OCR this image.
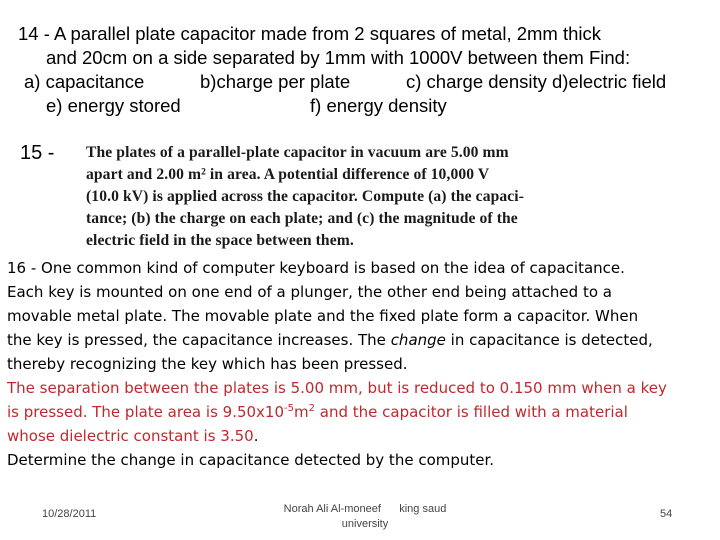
14 - A parallel plate capacitor made from 2 squares of metal, 2mm thick
and 20cm on a side separated by 1mm with 1000V between them Find:
a) capacitance	b)charge per plate	c) charge density d)electric field
e) energy stored	f) energy density
15 - The plates of a parallel-plate capacitor in vacuum are 5.00 mm
apart and 2.00 m² in area. A potential difference of 10,000 V
(10.0 kV) is applied across the capacitor. Compute (a) the capaci-
tance; (b) the charge on each plate; and (c) the magnitude of the
electric field in the space between them.
16 - One common kind of computer keyboard is based on the idea of capacitance.
Each key is mounted on one end of a plunger, the other end being attached to a
movable metal plate. The movable plate and the fixed plate form a capacitor. When
the key is pressed, the capacitance increases. The change in capacitance is detected,
thereby recognizing the key which has been pressed.
The separation between the plates is 5.00 mm, but is reduced to 0.150 mm when a key
is pressed. The plate area is $9.50x10^{-5}m^2$ and the capacitor is filled with a material
whose dielectric constant is 3.50.
Determine the change in capacitance detected by the computer.
10/28/2011	Norah Ali Al-moneef      king saud
university
54
